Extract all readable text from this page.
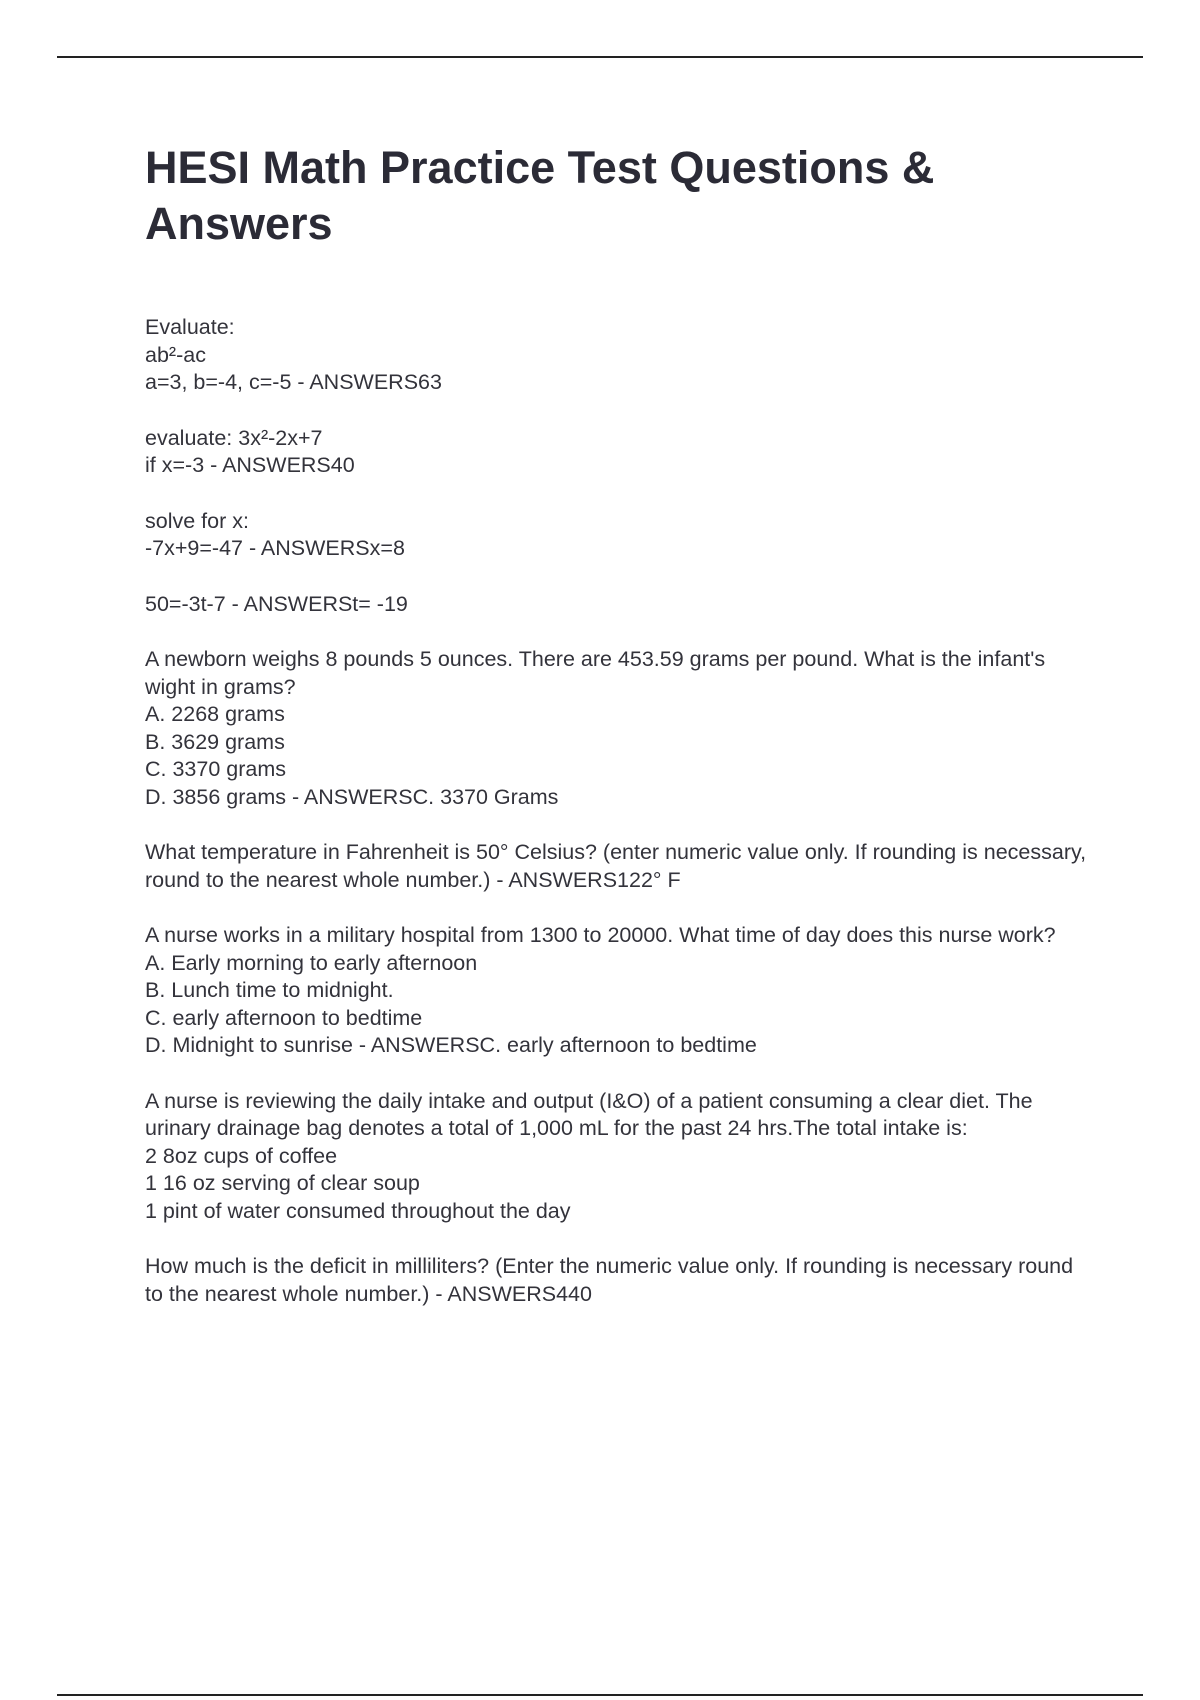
HESI Math Practice Test Questions & Answers
Evaluate:
ab²-ac
a=3, b=-4, c=-5 - ANSWERS63
evaluate: 3x²-2x+7
if x=-3 - ANSWERS40
solve for x:
-7x+9=-47 - ANSWERSx=8
50=-3t-7 - ANSWERSt= -19
A newborn weighs 8 pounds 5 ounces. There are 453.59 grams per pound. What is the infant's wight in grams?
A. 2268 grams
B. 3629 grams
C. 3370 grams
D. 3856 grams - ANSWERSC. 3370 Grams
What temperature in Fahrenheit is 50° Celsius? (enter numeric value only. If rounding is necessary, round to the nearest whole number.) - ANSWERS122° F
A nurse works in a military hospital from 1300 to 20000. What time of day does this nurse work?
A. Early morning to early afternoon
B. Lunch time to midnight.
C. early afternoon to bedtime
D. Midnight to sunrise - ANSWERSC. early afternoon to bedtime
A nurse is reviewing the daily intake and output (I&O) of a patient consuming a clear diet. The urinary drainage bag denotes a total of 1,000 mL for the past 24 hrs.The total intake is:
2 8oz cups of coffee
1 16 oz serving of clear soup
1 pint of water consumed throughout the day
How much is the deficit in milliliters? (Enter the numeric value only. If rounding is necessary round to the nearest whole number.) - ANSWERS440
